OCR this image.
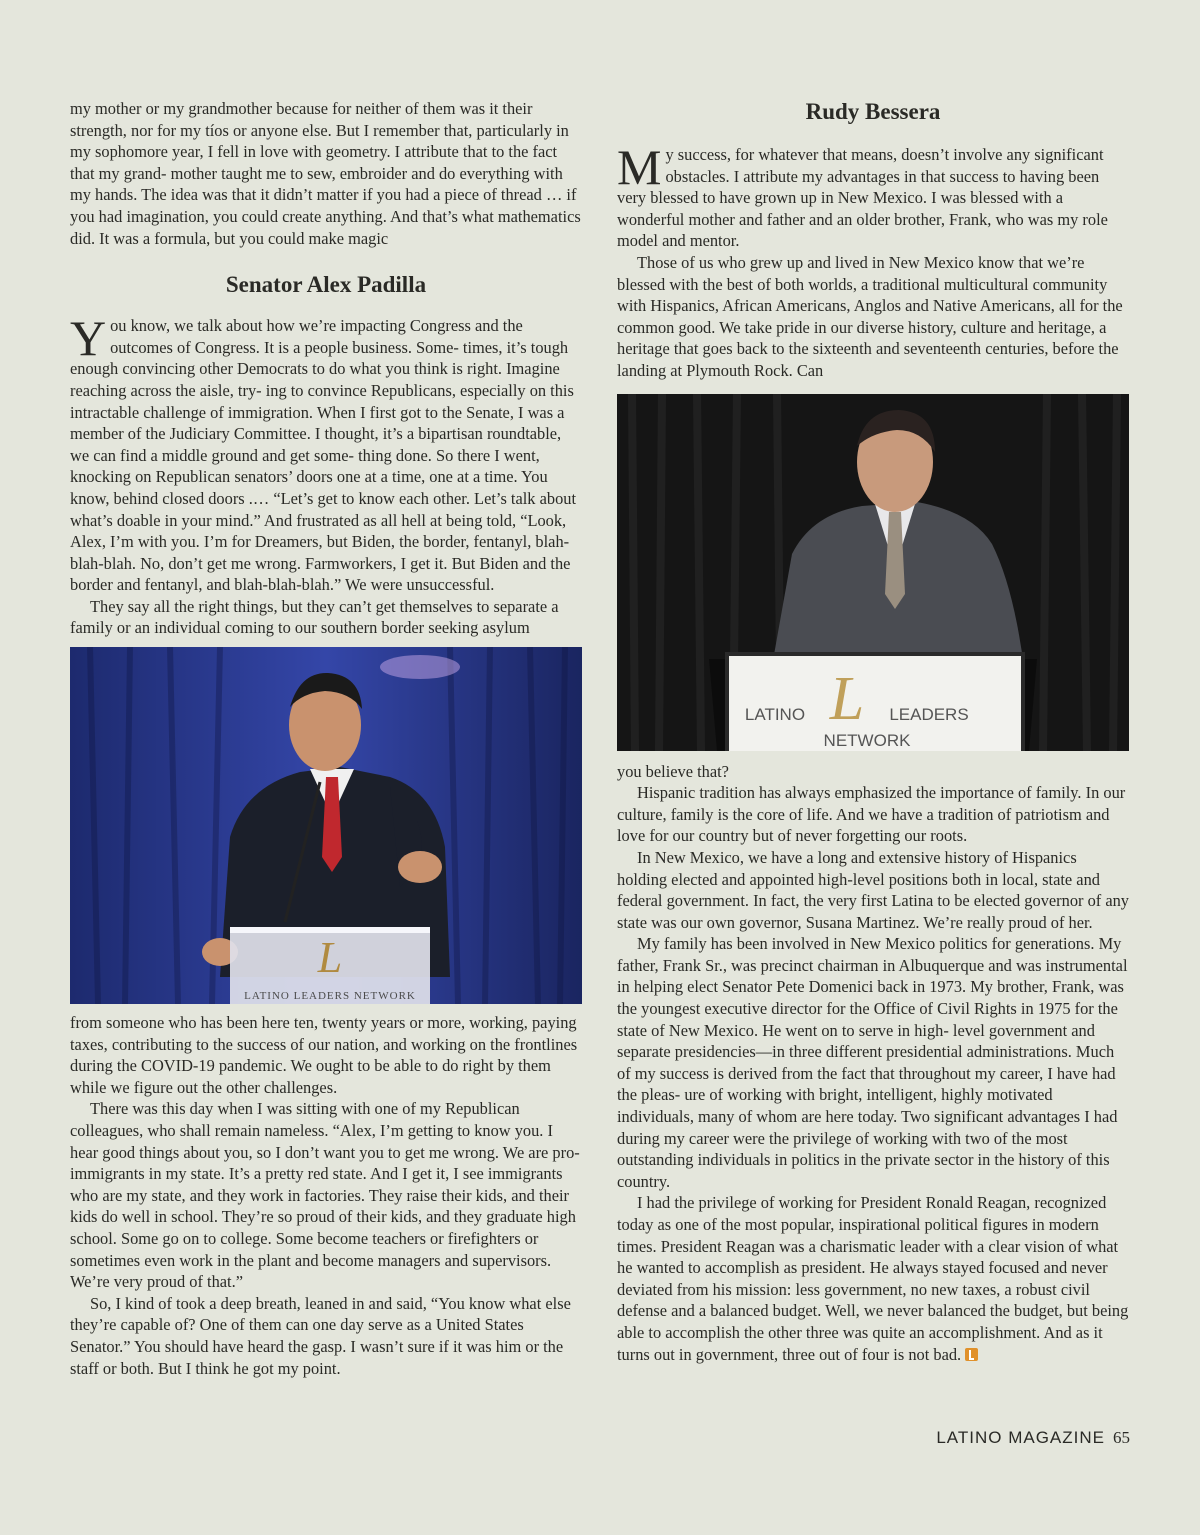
my mother or my grandmother because for neither of them was it their strength, nor for my tíos or anyone else. But I remember that, particularly in my sophomore year, I fell in love with geometry. I attribute that to the fact that my grand- mother taught me to sew, embroider and do everything with my hands. The idea was that it didn’t matter if you had a piece of thread … if you had imagination, you could create anything. And that’s what mathematics did. It was a formula, but you could make magic

Senator Alex Padilla

You know, we talk about how we’re impacting Congress and the outcomes of Congress. It is a people business. Some- times, it’s tough enough convincing other Democrats to do what you think is right. Imagine reaching across the aisle, try- ing to convince Republicans, especially on this intractable challenge of immigration. When I first got to the Senate, I was a member of the Judiciary Committee. I thought, it’s a bipartisan roundtable, we can find a middle ground and get some- thing done. So there I went, knocking on Republican senators’ doors one at a time, one at a time. You know, behind closed doors .… “Let’s get to know each other. Let’s talk about what’s doable in your mind.” And frustrated as all hell at being told, “Look, Alex, I’m with you. I’m for Dreamers, but Biden, the border, fentanyl, blah-blah-blah. No, don’t get me wrong. Farmworkers, I get it. But Biden and the border and fentanyl, and blah-blah-blah.” We were unsuccessful.

They say all the right things, but they can’t get themselves to separate a family or an individual coming to our southern border seeking asylum

L
LATINO LEADERS NETWORK

from someone who has been here ten, twenty years or more, working, paying taxes, contributing to the success of our nation, and working on the frontlines during the COVID-19 pandemic. We ought to be able to do right by them while we figure out the other challenges.

There was this day when I was sitting with one of my Republican colleagues, who shall remain nameless. “Alex, I’m getting to know you. I hear good things about you, so I don’t want you to get me wrong. We are pro-immigrants in my state. It’s a pretty red state. And I get it, I see immigrants who are my state, and they work in factories. They raise their kids, and their kids do well in school. They’re so proud of their kids, and they graduate high school. Some go on to college. Some become teachers or firefighters or sometimes even work in the plant and become managers and supervisors. We’re very proud of that.”

So, I kind of took a deep breath, leaned in and said, “You know what else they’re capable of? One of them can one day serve as a United States Senator.” You should have heard the gasp. I wasn’t sure if it was him or the staff or both. But I think he got my point.

Rudy Bessera

My success, for whatever that means, doesn’t involve any significant obstacles. I attribute my advantages in that success to having been very blessed to have grown up in New Mexico. I was blessed with a wonderful mother and father and an older brother, Frank, who was my role model and mentor.

Those of us who grew up and lived in New Mexico know that we’re blessed with the best of both worlds, a traditional multicultural community with Hispanics, African Americans, Anglos and Native Americans, all for the common good. We take pride in our diverse history, culture and heritage, a heritage that goes back to the sixteenth and seventeenth centuries, before the landing at Plymouth Rock. Can

L
LATINO	LEADERS
NETWORK

you believe that?

Hispanic tradition has always emphasized the importance of family. In our culture, family is the core of life. And we have a tradition of patriotism and love for our country but of never forgetting our roots.

In New Mexico, we have a long and extensive history of Hispanics holding elected and appointed high-level positions both in local, state and federal government. In fact, the very first Latina to be elected governor of any state was our own governor, Susana Martinez. We’re really proud of her.

My family has been involved in New Mexico politics for generations. My father, Frank Sr., was precinct chairman in Albuquerque and was instrumental in helping elect Senator Pete Domenici back in 1973. My brother, Frank, was the youngest executive director for the Office of Civil Rights in 1975 for the state of New Mexico. He went on to serve in high- level government and separate presidencies—in three different presidential administrations. Much of my success is derived from the fact that throughout my career, I have had the pleas- ure of working with bright, intelligent, highly motivated individuals, many of whom are here today. Two significant advantages I had during my career were the privilege of working with two of the most outstanding individuals in politics in the private sector in the history of this country.

I had the privilege of working for President Ronald Reagan, recognized today as one of the most popular, inspirational political figures in modern times. President Reagan was a charismatic leader with a clear vision of what he wanted to accomplish as president. He always stayed focused and never deviated from his mission: less government, no new taxes, a robust civil defense and a balanced budget. Well, we never balanced the budget, but being able to accomplish the other three was quite an accomplishment. And as it turns out in government, three out of four is not bad.

LATINO MAGAZINE 65
